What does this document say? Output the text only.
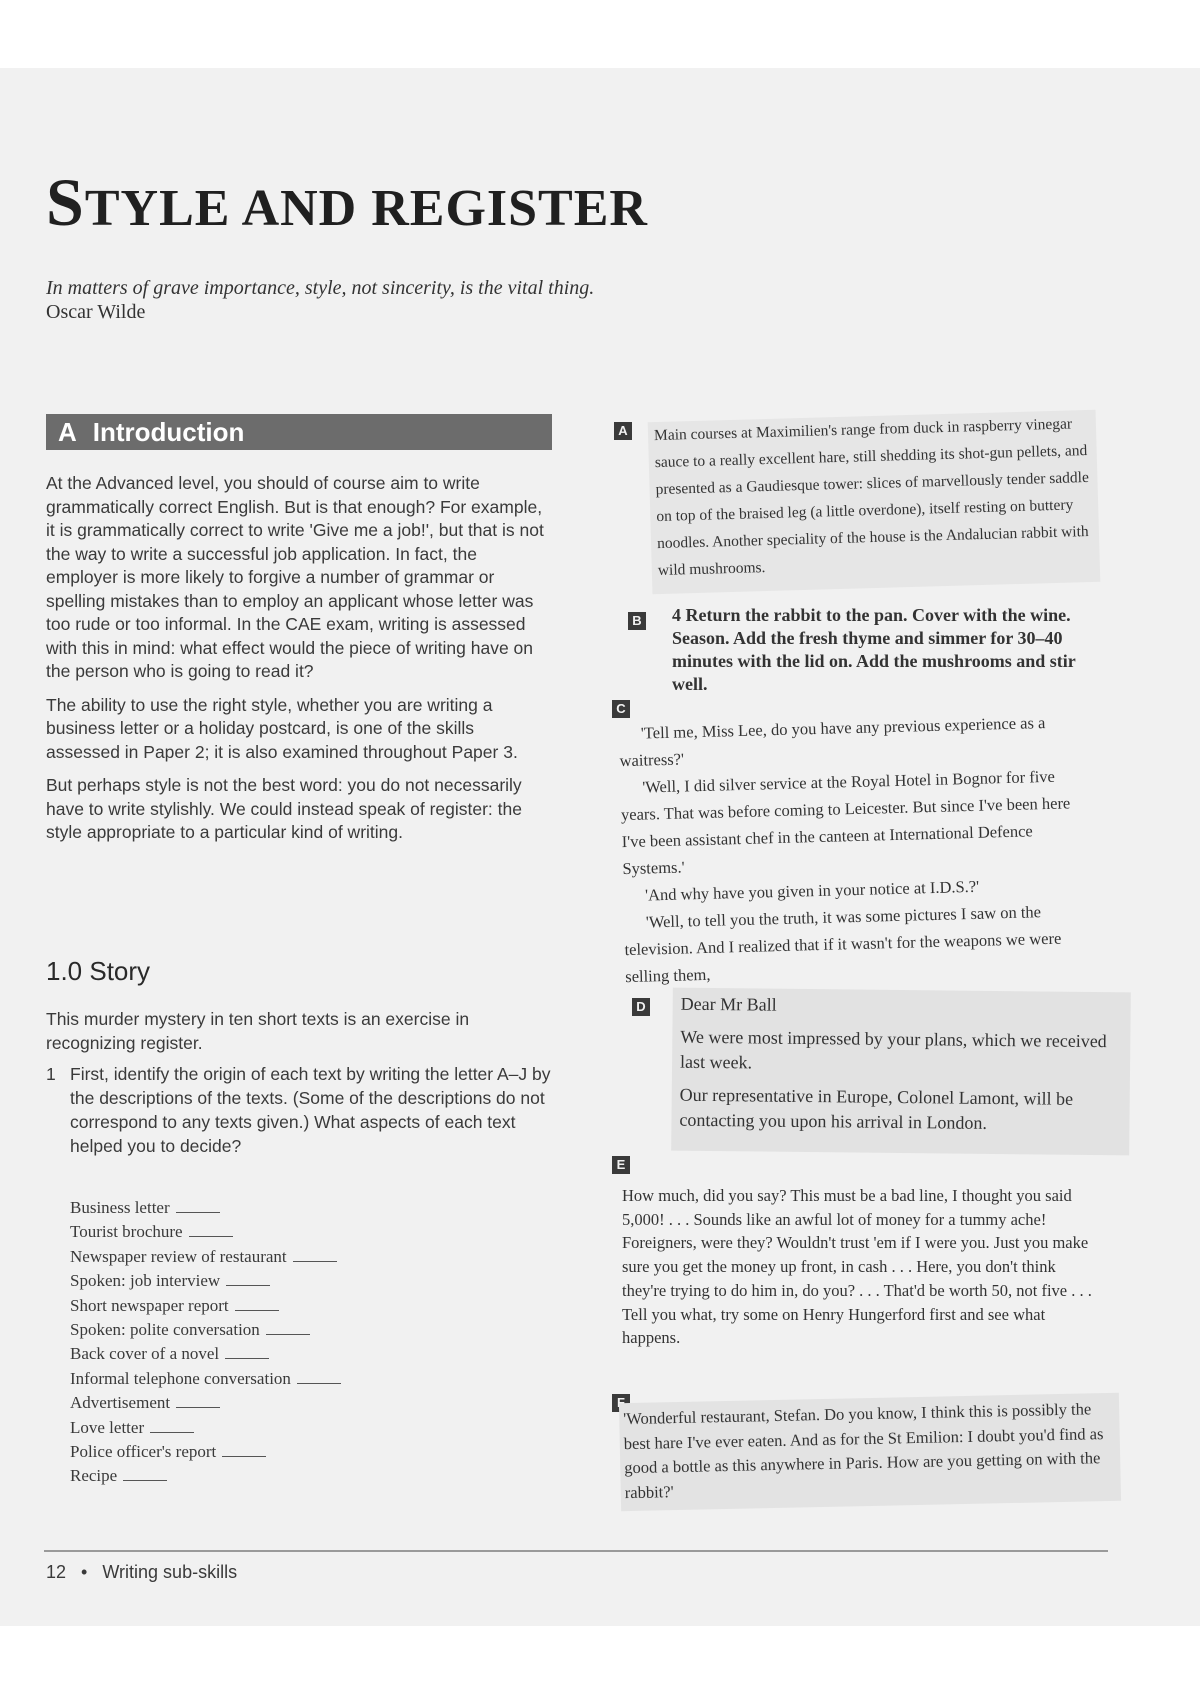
STYLE AND REGISTER
In matters of grave importance, style, not sincerity, is the vital thing.
Oscar Wilde
A Introduction

At the Advanced level, you should of course aim to write grammatically correct English. But is that enough? For example, it is grammatically correct to write 'Give me a job!', but that is not the way to write a successful job application. In fact, the employer is more likely to forgive a number of grammar or spelling mistakes than to employ an applicant whose letter was too rude or too informal. In the CAE exam, writing is assessed with this in mind: what effect would the piece of writing have on the person who is going to read it?

The ability to use the right style, whether you are writing a business letter or a holiday postcard, is one of the skills assessed in Paper 2; it is also examined throughout Paper 3.

But perhaps style is not the best word: you do not necessarily have to write stylishly. We could instead speak of register: the style appropriate to a particular kind of writing.

1.0 Story

This murder mystery in ten short texts is an exercise in recognizing register.

1 First, identify the origin of each text by writing the letter A–J by the descriptions of the texts. (Some of the descriptions do not correspond to any texts given.) What aspects of each text helped you to decide?
Business letter
Tourist brochure
Newspaper review of restaurant
Spoken: job interview
Short newspaper report
Spoken: polite conversation
Back cover of a novel
Informal telephone conversation
Advertisement
Love letter
Police officer's report
Recipe
A Main courses at Maximilien's range from duck in raspberry vinegar sauce to a really excellent hare, still shedding its shot-gun pellets, and presented as a Gaudiesque tower: slices of marvellously tender saddle on top of the braised leg (a little overdone), itself resting on buttery noodles. Another speciality of the house is the Andalucian rabbit with wild mushrooms.

B 4 Return the rabbit to the pan. Cover with the wine. Season. Add the fresh thyme and simmer for 30–40 minutes with the lid on. Add the mushrooms and stir well.

C

'Tell me, Miss Lee, do you have any previous experience as a waitress?'

'Well, I did silver service at the Royal Hotel in Bognor for five years. That was before coming to Leicester. But since I've been here I've been assistant chef in the canteen at International Defence Systems.'

'And why have you given in your notice at I.D.S.?'

'Well, to tell you the truth, it was some pictures I saw on the television. And I realized that if it wasn't for the weapons we were selling them,

D Dear Mr Ball

We were most impressed by your plans, which we received last week.

Our representative in Europe, Colonel Lamont, will be contacting you upon his arrival in London.

E

How much, did you say? This must be a bad line, I thought you said 5,000! . . . Sounds like an awful lot of money for a tummy ache! Foreigners, were they? Wouldn't trust 'em if I were you. Just you make sure you get the money up front, in cash . . . Here, you don't think they're trying to do him in, do you? . . . That'd be worth 50, not five . . . Tell you what, try some on Henry Hungerford first and see what happens.

'Wonderful restaurant, Stefan. Do you know, I think this is possibly the best hare I've ever eaten. And as for the St Emilion: I doubt you'd find as good a bottle as this anywhere in Paris. How are you getting on with the rabbit?'

12 • Writing sub-skills
